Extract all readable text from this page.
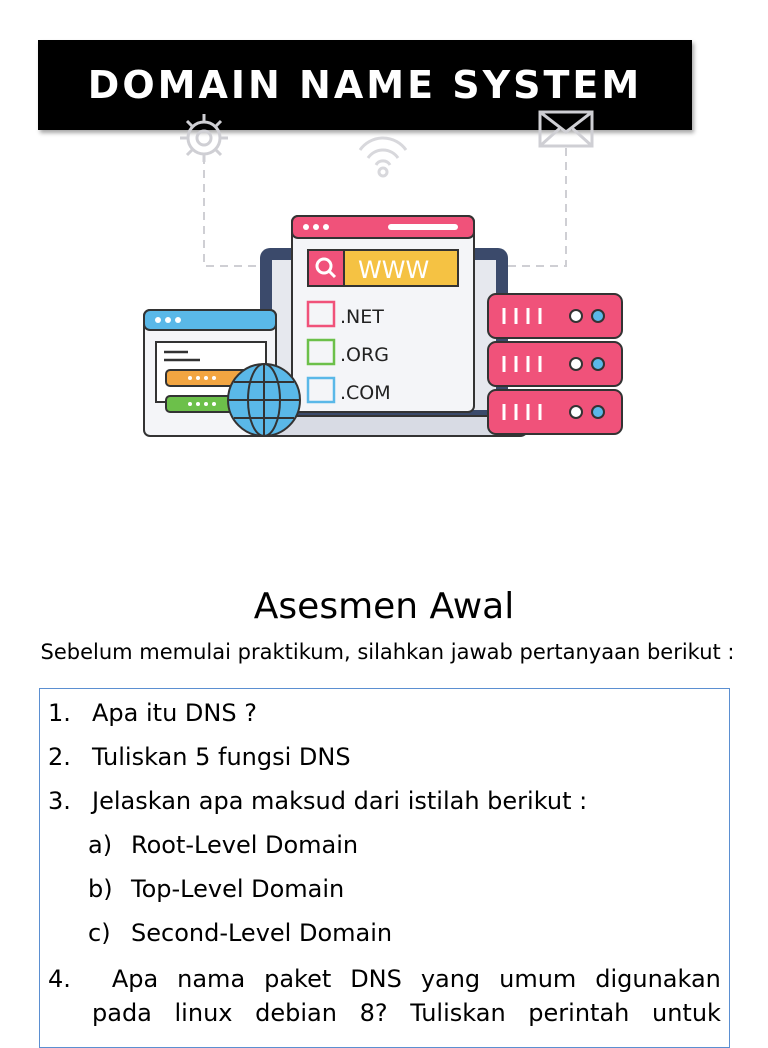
DOMAIN NAME SYSTEM
WWW
.NET
.ORG
.COM
Asesmen Awal
Sebelum memulai praktikum, silahkan jawab pertanyaan berikut :
1. Apa itu DNS ?
2. Tuliskan 5 fungsi DNS
3. Jelaskan apa maksud dari istilah berikut :
a) Root-Level Domain
b) Top-Level Domain
c) Second-Level Domain
4. Apa nama paket DNS yang umum digunakan
pada linux debian 8? Tuliskan perintah untuk
